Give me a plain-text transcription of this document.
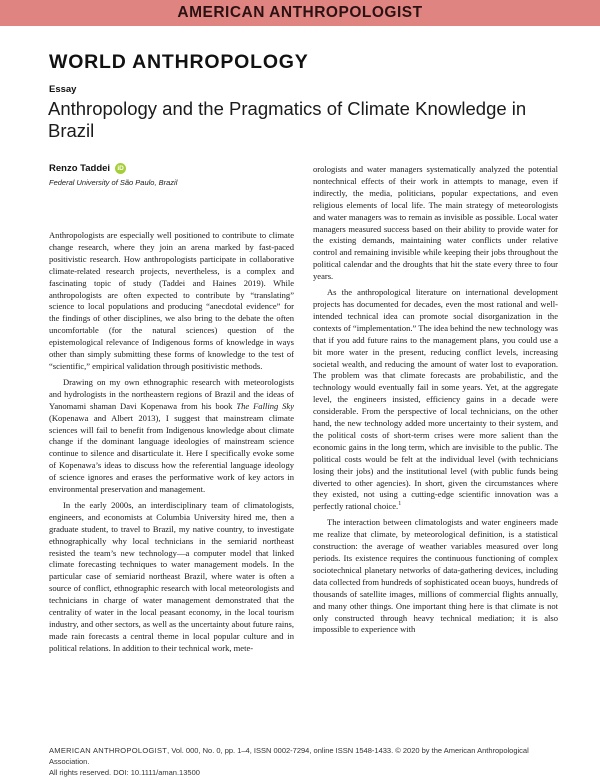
AMERICAN ANTHROPOLOGIST
WORLD ANTHROPOLOGY
Essay
Anthropology and the Pragmatics of Climate Knowledge in Brazil
Renzo Taddei	iD
Federal University of São Paulo, Brazil

Anthropologists are especially well positioned to contribute to climate change research, where they join an arena marked by fast-paced positivistic research. How anthropologists participate in collaborative climate-related research projects, nevertheless, is a complex and fascinating topic of study (Taddei and Haines 2019). While anthropologists are often expected to contribute by “translating” science to local populations and producing “anecdotal evidence” for the findings of other disciplines, we also bring to the debate the often uncomfortable (for the natural sciences) question of the epistemological relevance of Indigenous forms of knowledge in ways other than simply submitting these forms of knowledge to the test of “scientific,” empirical validation through positivistic methods.

Drawing on my own ethnographic research with meteorologists and hydrologists in the northeastern regions of Brazil and the ideas of Yanomami shaman Davi Kopenawa from his book The Falling Sky (Kopenawa and Albert 2013), I suggest that mainstream climate sciences will fail to benefit from Indigenous knowledge about climate change if the dominant language ideologies of mainstream science continue to silence and disarticulate it. Here I specifically evoke some of Kopenawa’s ideas to discuss how the referential language ideology of science ignores and erases the performative work of key actors in environmental preservation and management.

In the early 2000s, an interdisciplinary team of climatologists, engineers, and economists at Columbia University hired me, then a graduate student, to travel to Brazil, my native country, to investigate ethnographically why local technicians in the semiarid northeast resisted the team’s new technology—a computer model that linked climate forecasting techniques to water management models. In the particular case of semiarid northeast Brazil, where water is often a source of conflict, ethnographic research with local meteorologists and technicians in charge of water management demonstrated that the centrality of water in the local peasant economy, in the local tourism industry, and other sectors, as well as the uncertainty about future rains, made rain forecasts a central theme in local popular culture and in political relations. In addition to their technical work, mete-

orologists and water managers systematically analyzed the potential nontechnical effects of their work in attempts to manage, even if indirectly, the media, politicians, popular expectations, and even religious elements of local life. The main strategy of meteorologists and water managers was to remain as invisible as possible. Local water managers measured success based on their ability to provide water for the existing demands, maintaining water conflicts under relative control and remaining invisible while keeping their jobs throughout the political calendar and the droughts that hit the state every three to four years.

As the anthropological literature on international development projects has documented for decades, even the most rational and well-intended technical idea can promote social disorganization in the contexts of “implementation.” The idea behind the new technology was that if you add future rains to the management plans, you could use a bit more water in the present, reducing conflict levels, increasing societal wealth, and reducing the amount of water lost to evaporation. The problem was that climate forecasts are probabilistic, and the technology would eventually fail in some years. Yet, at the aggregate level, the engineers insisted, efficiency gains in a decade were considerable. From the perspective of local technicians, on the other hand, the new technology added more uncertainty to their system, and the political costs of short-term crises were more salient than the economic gains in the long term, which are invisible to the public. The political costs would be felt at the individual level (with technicians losing their jobs) and the institutional level (with public funds being diverted to other agencies). In short, given the circumstances where they existed, not using a cutting-edge scientific innovation was a perfectly rational choice.$^1$

The interaction between climatologists and water engineers made me realize that climate, by meteorological definition, is a statistical construction: the average of weather variables measured over long periods. Its existence requires the continuous functioning of complex sociotechnical planetary networks of data-gathering devices, including data collected from hundreds of sophisticated ocean buoys, hundreds of thousands of satellite images, millions of commercial flights annually, and many other things. One important thing here is that climate is not only constructed through heavy technical mediation; it is also impossible to experience with

AMERICAN ANTHROPOLOGIST, Vol. 000, No. 0, pp. 1–4, ISSN 0002-7294, online ISSN 1548-1433. © 2020 by the American Anthropological Association.
All rights reserved. DOI: 10.1111/aman.13500
